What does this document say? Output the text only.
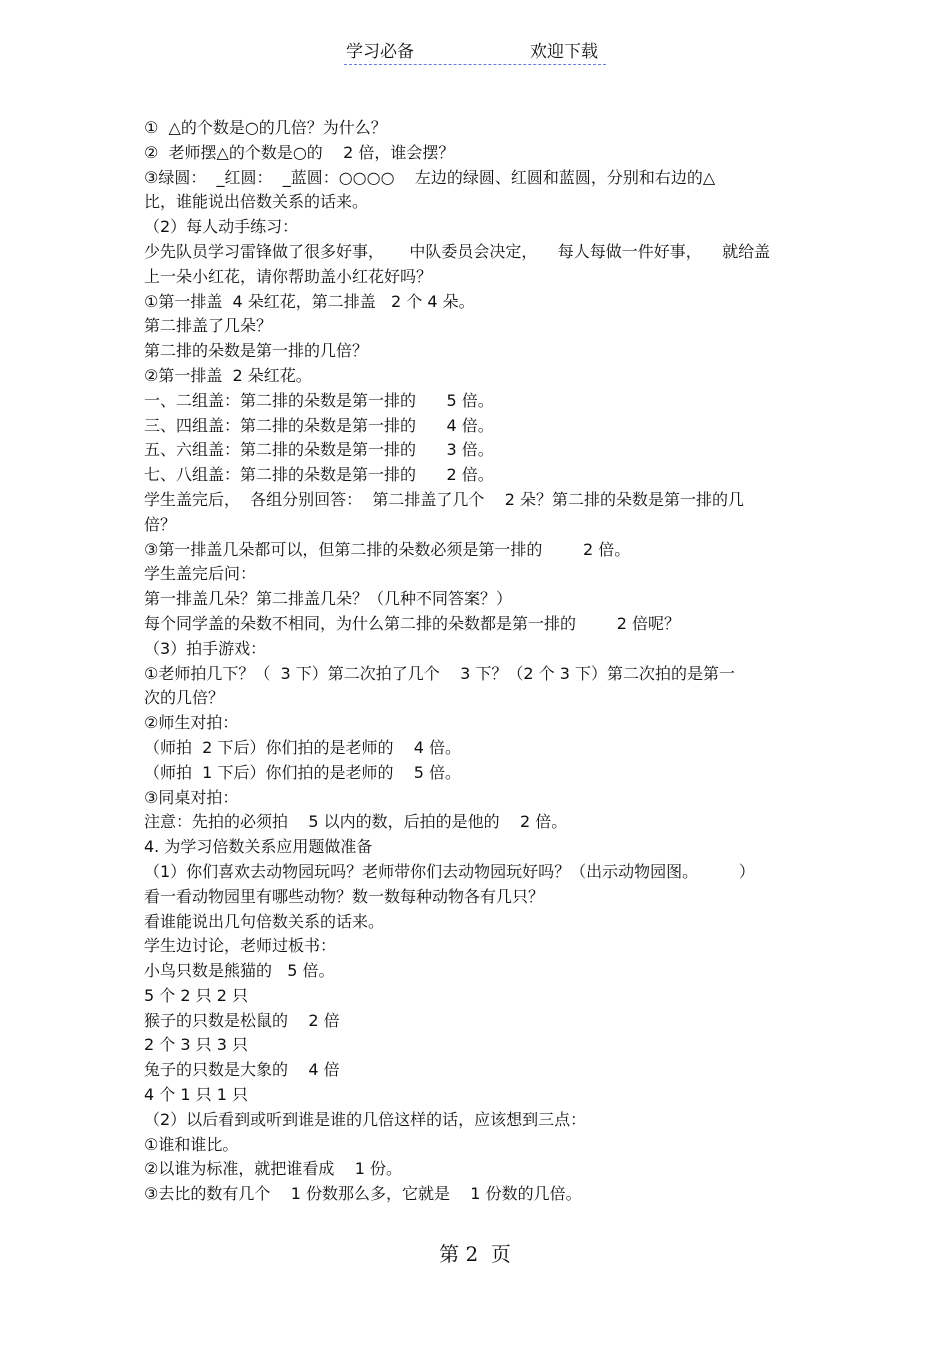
学习必备	欢迎下载
①  △的个数是○的几倍？为什么？
②  老师摆△的个数是○的    2 倍，谁会摆？
③绿圆：  _红圆：  _蓝圆：○○○○    左边的绿圆、红圆和蓝圆，分别和右边的△
比，谁能说出倍数关系的话来。
（2）每人动手练习：
少先队员学习雷锋做了很多好事，     中队委员会决定，    每人每做一件好事，    就给盖
上一朵小红花，请你帮助盖小红花好吗？
①第一排盖  4 朵红花，第二排盖   2 个 4 朵。
第二排盖了几朵？
第二排的朵数是第一排的几倍？
②第一排盖  2 朵红花。
一、二组盖：第二排的朵数是第一排的      5 倍。
三、四组盖：第二排的朵数是第一排的      4 倍。
五、六组盖：第二排的朵数是第一排的      3 倍。
七、八组盖：第二排的朵数是第一排的      2 倍。
学生盖完后，  各组分别回答：  第二排盖了几个    2 朵？第二排的朵数是第一排的几
倍？
③第一排盖几朵都可以，但第二排的朵数必须是第一排的        2 倍。
学生盖完后问：
第一排盖几朵？第二排盖几朵？（几种不同答案？）
每个同学盖的朵数不相同，为什么第二排的朵数都是第一排的        2 倍呢？
（3）拍手游戏：
①老师拍几下？（  3 下）第二次拍了几个    3 下？（2 个 3 下）第二次拍的是第一
次的几倍？
②师生对拍：
（师拍  2 下后）你们拍的是老师的    4 倍。
（师拍  1 下后）你们拍的是老师的    5 倍。
③同桌对拍：
注意：先拍的必须拍    5 以内的数，后拍的是他的    2 倍。
4. 为学习倍数关系应用题做准备
（1）你们喜欢去动物园玩吗？老师带你们去动物园玩好吗？（出示动物园图。        ）
看一看动物园里有哪些动物？数一数每种动物各有几只？
看谁能说出几句倍数关系的话来。
学生边讨论，老师过板书：
小鸟只数是熊猫的   5 倍。
5 个 2 只 2 只
猴子的只数是松鼠的    2 倍
2 个 3 只 3 只
兔子的只数是大象的    4 倍
4 个 1 只 1 只
（2）以后看到或听到谁是谁的几倍这样的话，应该想到三点：
①谁和谁比。
②以谁为标准，就把谁看成    1 份。
③去比的数有几个    1 份数那么多，它就是    1 份数的几倍。
第 2  页
